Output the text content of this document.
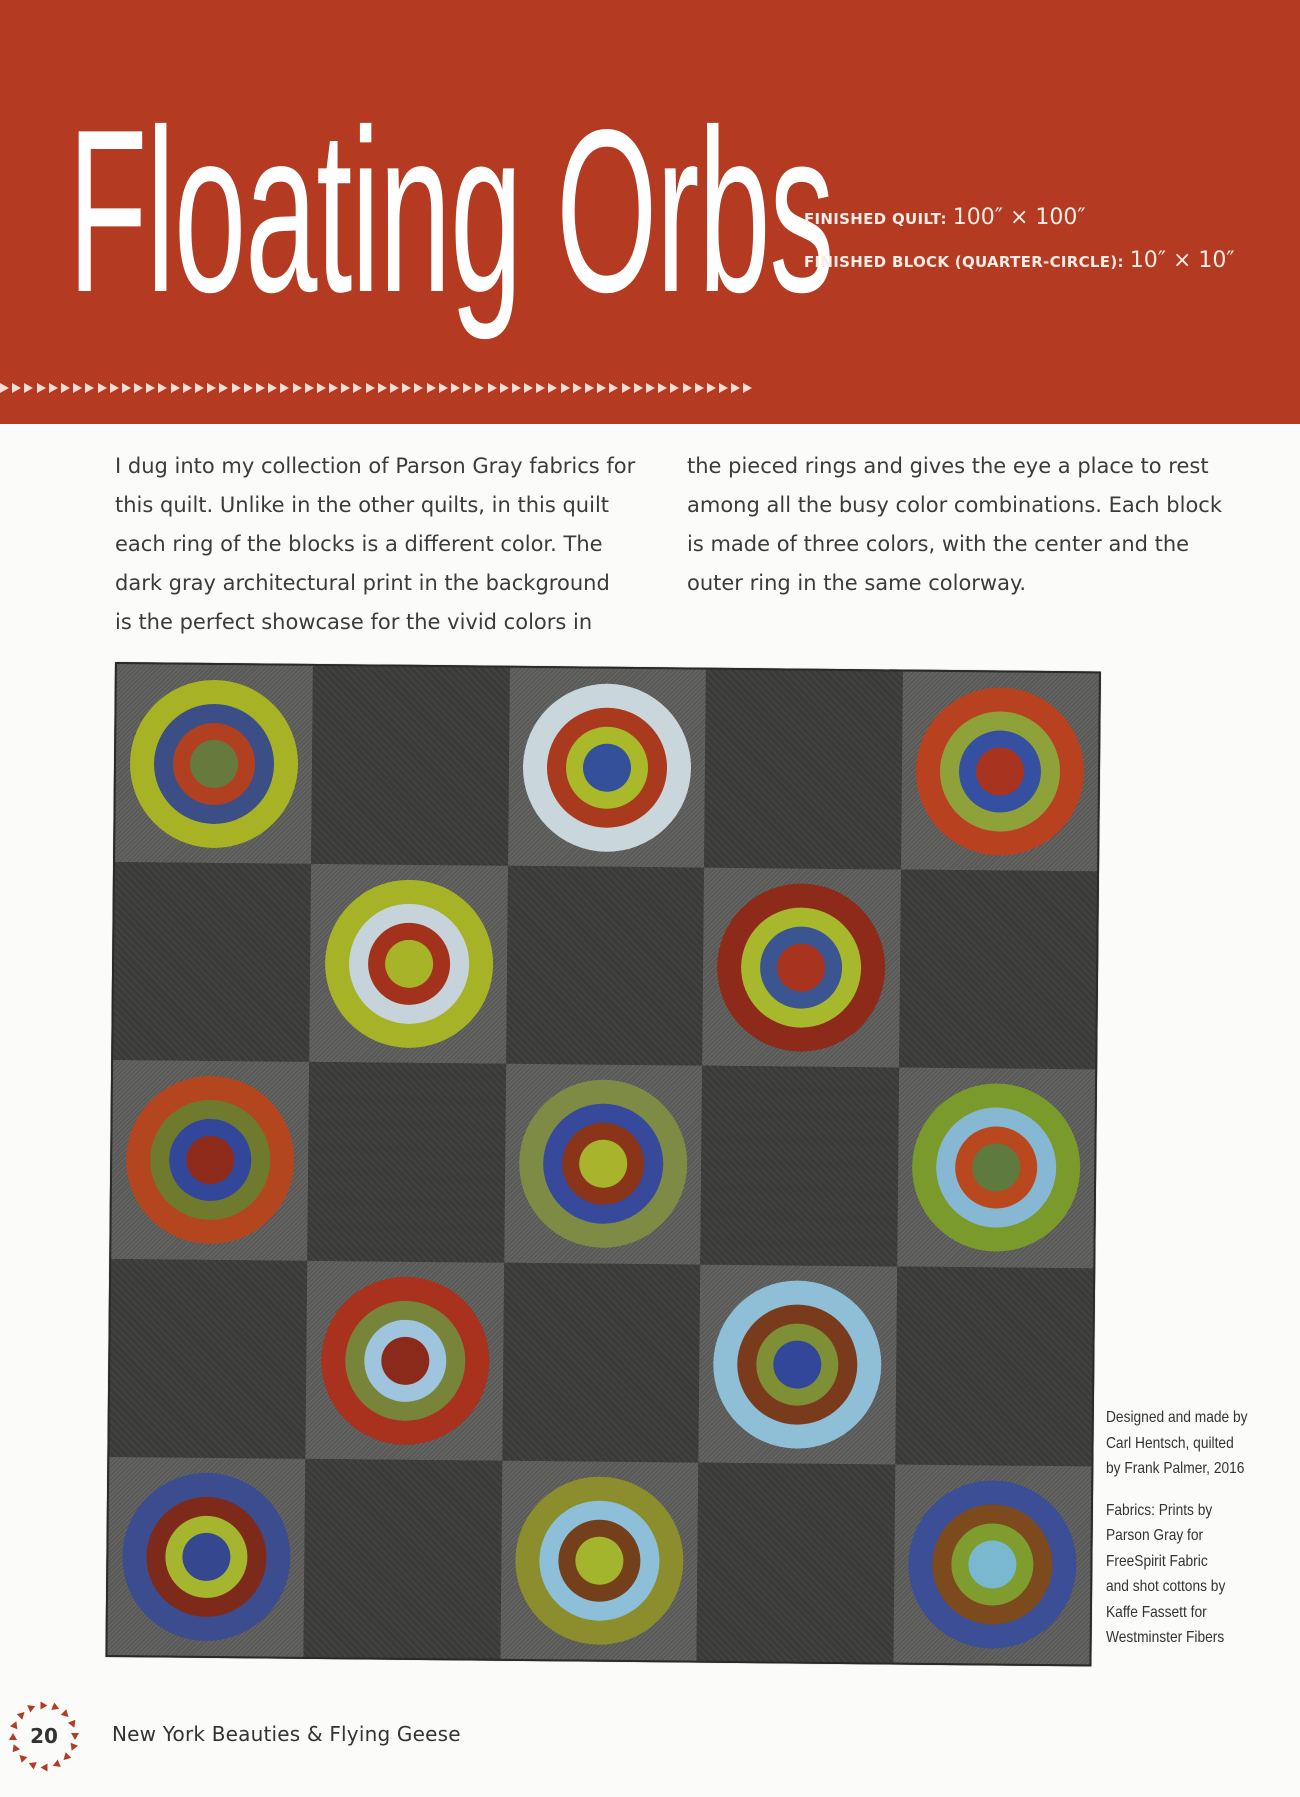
Floating Orbs
FINISHED QUILT: 100″ × 100″
FINISHED BLOCK (QUARTER-CIRCLE): 10″ × 10″

I dug into my collection of Parson Gray fabrics for
this quilt. Unlike in the other quilts, in this quilt
each ring of the blocks is a different color. The
dark gray architectural print in the background
is the perfect showcase for the vivid colors in

the pieced rings and gives the eye a place to rest
among all the busy color combinations. Each block
is made of three colors, with the center and the
outer ring in the same colorway.

Designed and made by
Carl Hentsch, quilted
by Frank Palmer, 2016

Fabrics: Prints by
Parson Gray for
FreeSpirit Fabric
and shot cottons by
Kaffe Fassett for
Westminster Fibers

20	New York Beauties & Flying Geese
